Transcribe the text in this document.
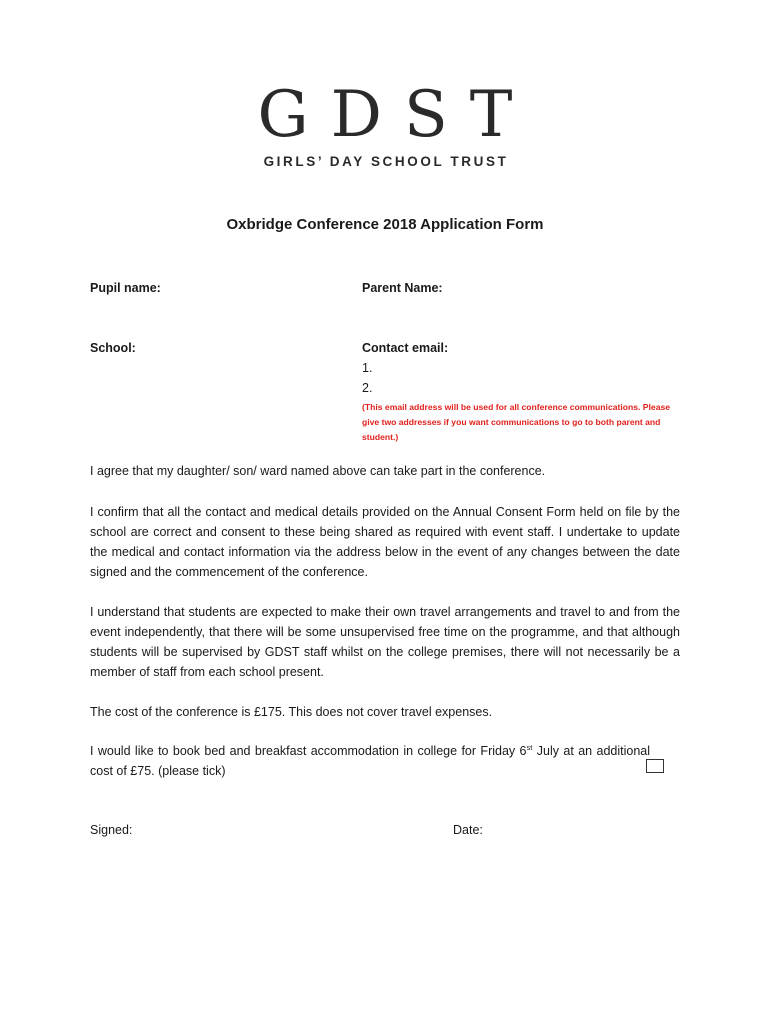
GDST
GIRLS’ DAY SCHOOL TRUST
Oxbridge Conference 2018 Application Form
Pupil name:	Parent Name:
School:	Contact email:
1.
2.
(This email address will be used for all conference communications. Please give two addresses if you want communications to go to both parent and student.)
I agree that my daughter/ son/ ward named above can take part in the conference.
I confirm that all the contact and medical details provided on the Annual Consent Form held on file by the school are correct and consent to these being shared as required with event staff. I undertake to update the medical and contact information via the address below in the event of any changes between the date signed and the commencement of the conference.
I understand that students are expected to make their own travel arrangements and travel to and from the event independently, that there will be some unsupervised free time on the programme, and that although students will be supervised by GDST staff whilst on the college premises, there will not necessarily be a member of staff from each school present.
The cost of the conference is £175. This does not cover travel expenses.
I would like to book bed and breakfast accommodation in college for Friday 6st July at an additional cost of £75. (please tick)
Signed:	Date:
